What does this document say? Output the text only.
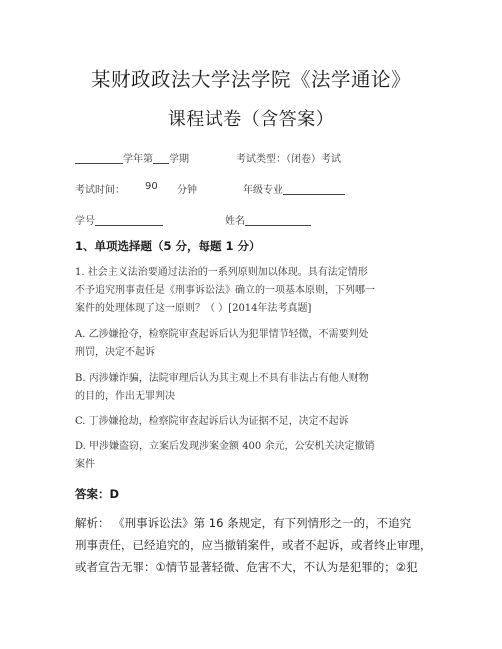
某财政政法大学法学院《法学通论》
课程试卷（含答案）
学年第 学期	考试类型：（闭卷）考试
考试时间： 90 分钟	年级专业
学号	姓名
1、单项选择题（5 分，每题 1 分）
1. 社会主义法治要通过法治的一系列原则加以体现。具有法定情形
不予追究刑事责任是《刑事诉讼法》确立的一项基本原则，下列哪一
案件的处理体现了这一原则？（ ）[2014年法考真题]
A. 乙涉嫌抢夺，检察院审查起诉后认为犯罪情节轻微，不需要判处
刑罚，决定不起诉
B. 丙涉嫌诈骗，法院审理后认为其主观上不具有非法占有他人财物
的目的，作出无罪判决
C. 丁涉嫌抢劫，检察院审查起诉后认为证据不足，决定不起诉
D. 甲涉嫌盗窃，立案后发现涉案金额 400 余元，公安机关决定撤销
案件
答案：D
解析： 《刑事诉讼法》第 16 条规定，有下列情形之一的，不追究
刑事责任，已经追究的，应当撤销案件，或者不起诉，或者终止审理，
或者宣告无罪：①情节显著轻微、危害不大，不认为是犯罪的；②犯
